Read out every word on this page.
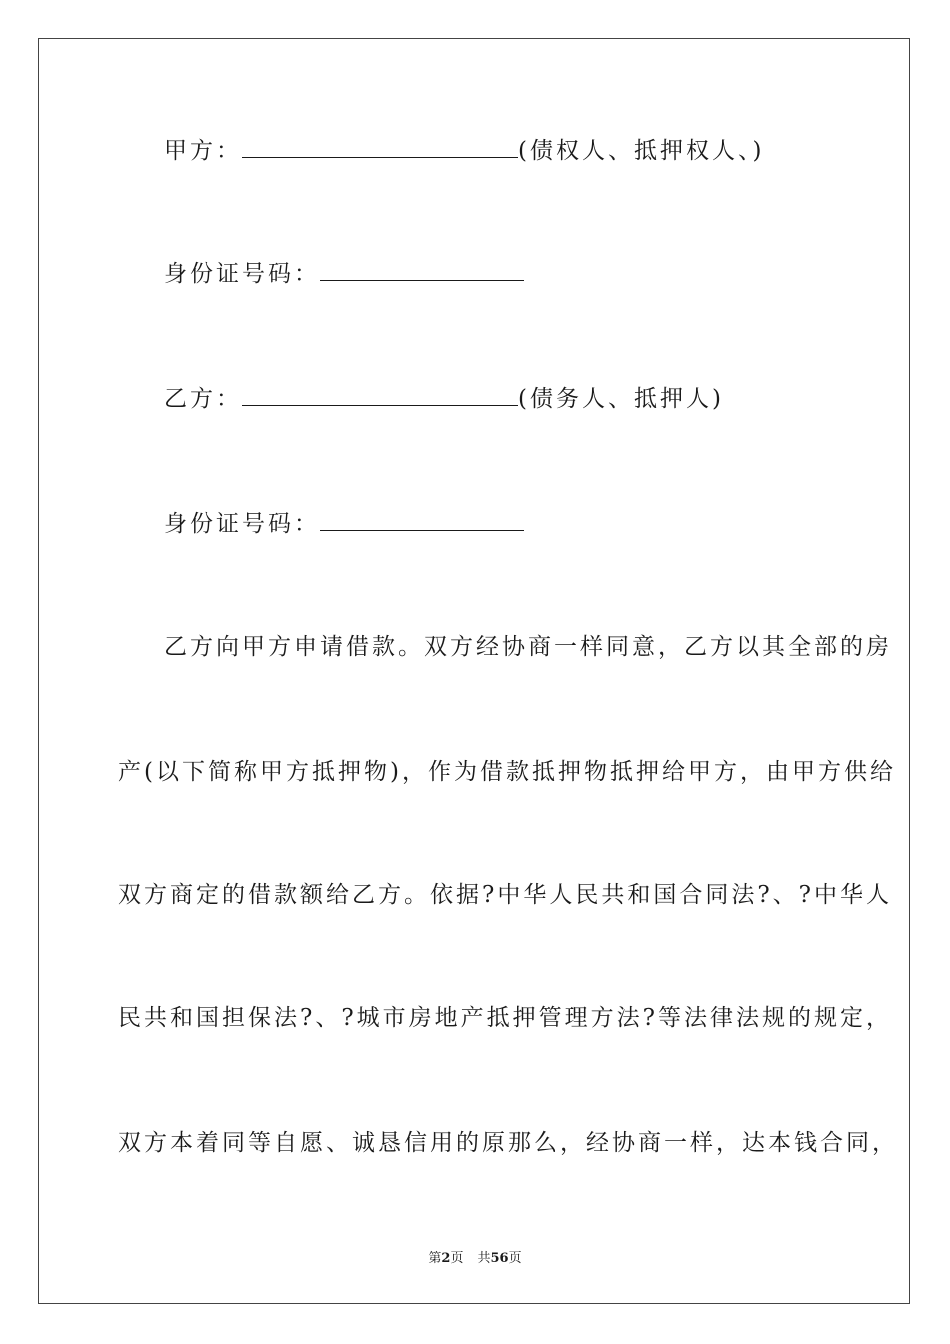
甲方：	(债权人、抵押权人、)
身份证号码：
乙方：	(债务人、抵押人)
身份证号码：
乙方向甲方申请借款。双方经协商一样同意，乙方以其全部的房
产(以下简称甲方抵押物)，作为借款抵押物抵押给甲方，由甲方供给
双方商定的借款额给乙方。依据?中华人民共和国合同法?、?中华人
民共和国担保法?、?城市房地产抵押管理方法?等法律法规的规定，
双方本着同等自愿、诚恳信用的原那么，经协商一样，达本钱合同，
第2页 共56页
